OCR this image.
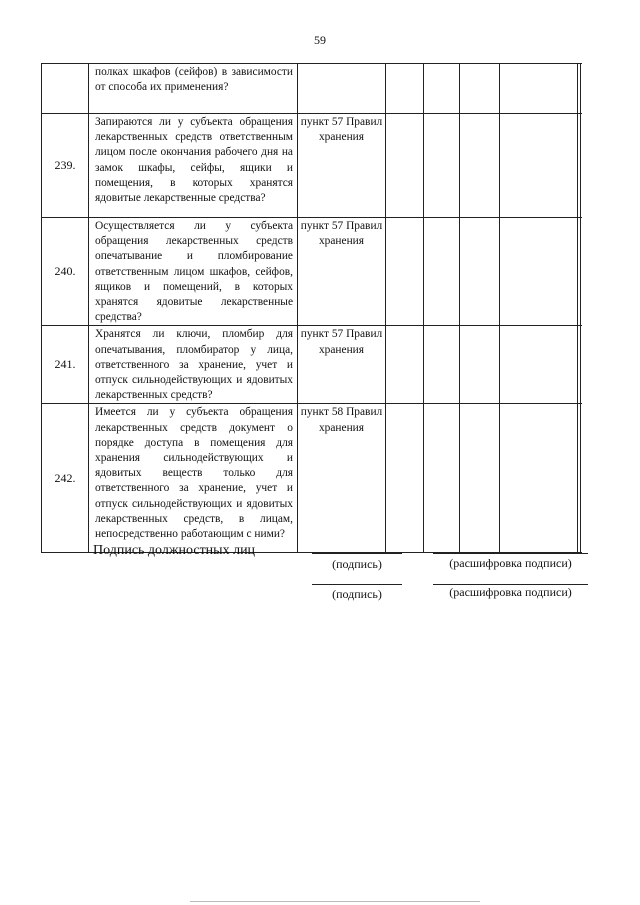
59
	полках шкафов (сейфов) в зависимости от способа их применения?						
239.	Запираются ли у субъекта обращения лекарственных средств ответственным лицом после окончания рабочего дня на замок шкафы, сейфы, ящики и помещения, в которых хранятся ядовитые лекарственные средства?	пункт 57 Правил хранения					
240.	Осуществляется ли у субъекта обращения лекарственных средств опечатывание и пломбирование ответственным лицом шкафов, сейфов, ящиков и помещений, в которых хранятся ядовитые лекарственные средства?	пункт 57 Правил хранения					
241.	Хранятся ли ключи, пломбир для опечатывания, пломбиратор у лица, ответственного за хранение, учет и отпуск сильнодействующих и ядовитых лекарственных средств?	пункт 57 Правил хранения					
242.	Имеется ли у субъекта обращения лекарственных средств документ о порядке доступа в помещения для хранения сильнодействующих и ядовитых веществ только для ответственного за хранение, учет и отпуск сильнодействующих и ядовитых лекарственных средств, в лицам, непосредственно работающим с ними?	пункт 58 Правил хранения					
Подпись должностных лиц
(подпись)	(расшифровка подписи)
(подпись)	(расшифровка подписи)
